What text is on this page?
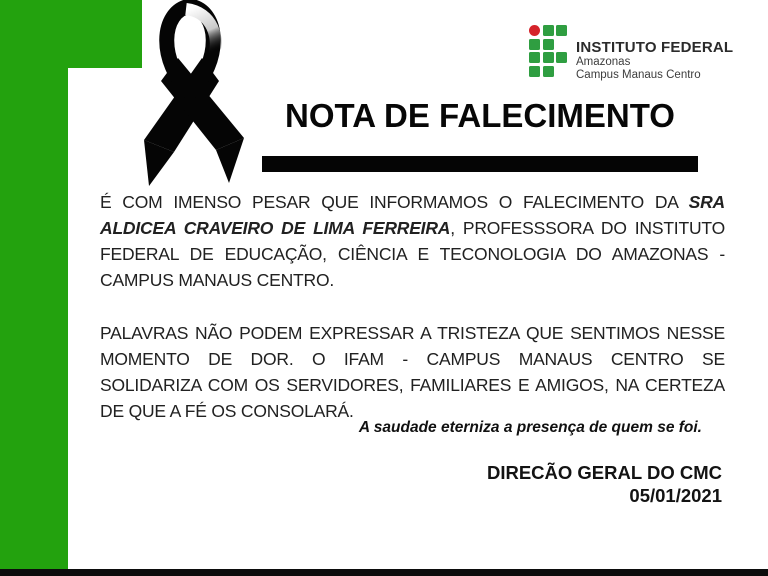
INSTITUTO FEDERAL
Amazonas
Campus Manaus Centro
NOTA DE FALECIMENTO
É COM IMENSO PESAR QUE INFORMAMOS O FALECIMENTO DA SRA
ALDICEA CRAVEIRO DE LIMA FERREIRA, PROFESSSORA DO INSTITUTO
FEDERAL DE EDUCAÇÃO, CIÊNCIA E TECONOLOGIA DO AMAZONAS -
CAMPUS MANAUS CENTRO.
PALAVRAS NÃO PODEM EXPRESSAR A TRISTEZA QUE SENTIMOS NESSE
MOMENTO DE DOR. O IFAM - CAMPUS MANAUS CENTRO SE
SOLIDARIZA COM OS SERVIDORES, FAMILIARES E AMIGOS, NA CERTEZA
DE QUE A FÉ OS CONSOLARÁ.
A saudade eterniza a presença de quem se foi.
DIRECÃO GERAL DO CMC
05/01/2021
